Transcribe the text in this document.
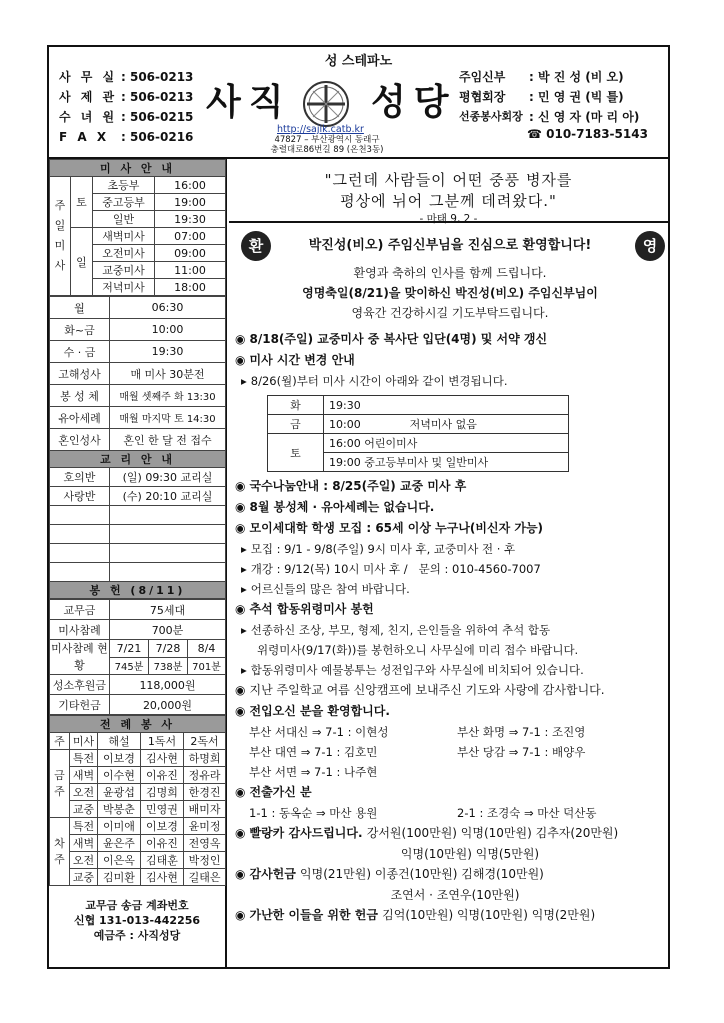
성 스테파노
사 무 실 : 506-0213
사 제 관 : 506-0213
수 녀 원 : 506-0215
F A X : 506-0216
사직 성당
http://sajik.catb.kr
47827 – 부산광역시 동래구
충렬대로86번길 89 (온천3동)
주임신부	: 박 진 성 (비 오)
평협회장	: 민 영 권 (빅 틀)
선종봉사회장 : 신 영 자 (마 리 아)
☎ 010-7183-5143
미 사 안 내			
주일미사	토	초등부	16:00
		중고등부	19:00
		일반	19:30
	일	새벽미사	07:00
		오전미사	09:00
		교중미사	11:00
		저녁미사	18:00
월	06:30
화~금	10:00
수 · 금	19:30
고해성사	매 미사 30분전
봉 성 체	매월 셋째주 화 13:30
유아세례	매월 마지막 토 14:30
혼인성사	혼인 한 달 전 접수
교 리 안 내	
호의반	(일) 09:30 교리실
사랑반	(수) 20:10 교리실

봉 헌 (8/11)	
교무금	75세대		
미사참례	700분		
미사참례 현황	7/21	7/28	8/4
	745분	738분	701분
성소후원금	118,000원		
기타헌금	20,000원		
전 례 봉 사				
주	미사	해설	1독서	2독서
금주	특전	이보경	김사현	하명희
	새벽	이수현	이유진	정유라
	오전	윤광섭	김명희	한경진
	교중	박봉춘	민영권	배미자
차주	특전	이미애	이보경	윤미정
	새벽	윤은주	이유진	전영옥
	오전	이은옥	김태훈	박정인
	교중	김미환	김사현	길태은
교무금 송금 계좌번호
신협 131-013-442256
예금주 : 사직성당
"그런데 사람들이 어떤 중풍 병자를
평상에 뉘어 그분께 데려왔다."
- 마태 9, 2 -
환	박진성(비오) 주임신부님을 진심으로 환영합니다!	영
환영과 축하의 인사를 함께 드립니다.
영명축일(8/21)을 맞이하신 박진성(비오) 주임신부님이
영육간 건강하시길 기도부탁드립니다.
◉ 8/18(주일) 교중미사 중 복사단 입단(4명) 및 서약 갱신
◉ 미사 시간 변경 안내
▸ 8/26(월)부터 미사 시간이 아래와 같이 변경됩니다.
화	19:30
금	10:00              저녁미사 없음
토	16:00 어린이미사
	19:00 중고등부미사 및 일반미사
◉ 국수나눔안내 : 8/25(주일) 교중 미사 후
◉ 8월 봉성체 · 유아세례는 없습니다.
◉ 모이세대학 학생 모집 : 65세 이상 누구나(비신자 가능)
▸ 모집 : 9/1 - 9/8(주일) 9시 미사 후, 교중미사 전 · 후
▸ 개강 : 9/12(목) 10시 미사 후 /   문의 : 010-4560-7007
▸ 어르신들의 많은 참여 바랍니다.
◉ 추석 합동위령미사 봉헌
▸ 선종하신 조상, 부모, 형제, 친지, 은인들을 위하여 추석 합동
위령미사(9/17(화))를 봉헌하오니 사무실에 미리 접수 바랍니다.
▸ 합동위령미사 예물봉투는 성전입구와 사무실에 비치되어 있습니다.
◉ 지난 주일학교 여름 신앙캠프에 보내주신 기도와 사랑에 감사합니다.
◉ 전입오신 분을 환영합니다.
부산 서대신 ⇒ 7-1 : 이현성	부산 화명 ⇒ 7-1 : 조진영
부산 대연 ⇒ 7-1 : 김호민	부산 당감 ⇒ 7-1 : 배양우
부산 서면 ⇒ 7-1 : 나주현
◉ 전출가신 분
1-1 : 동옥순 ⇒ 마산 용원	2-1 : 조경숙 ⇒ 마산 덕산동
◉ 빨랑카 감사드립니다. 강서원(100만원) 익명(10만원) 김추자(20만원)
익명(10만원) 익명(5만원)
◉ 감사헌금 익명(21만원) 이종건(10만원) 김해경(10만원)
조연서 · 조연우(10만원)
◉ 가난한 이들을 위한 헌금 김억(10만원) 익명(10만원) 익명(2만원)
